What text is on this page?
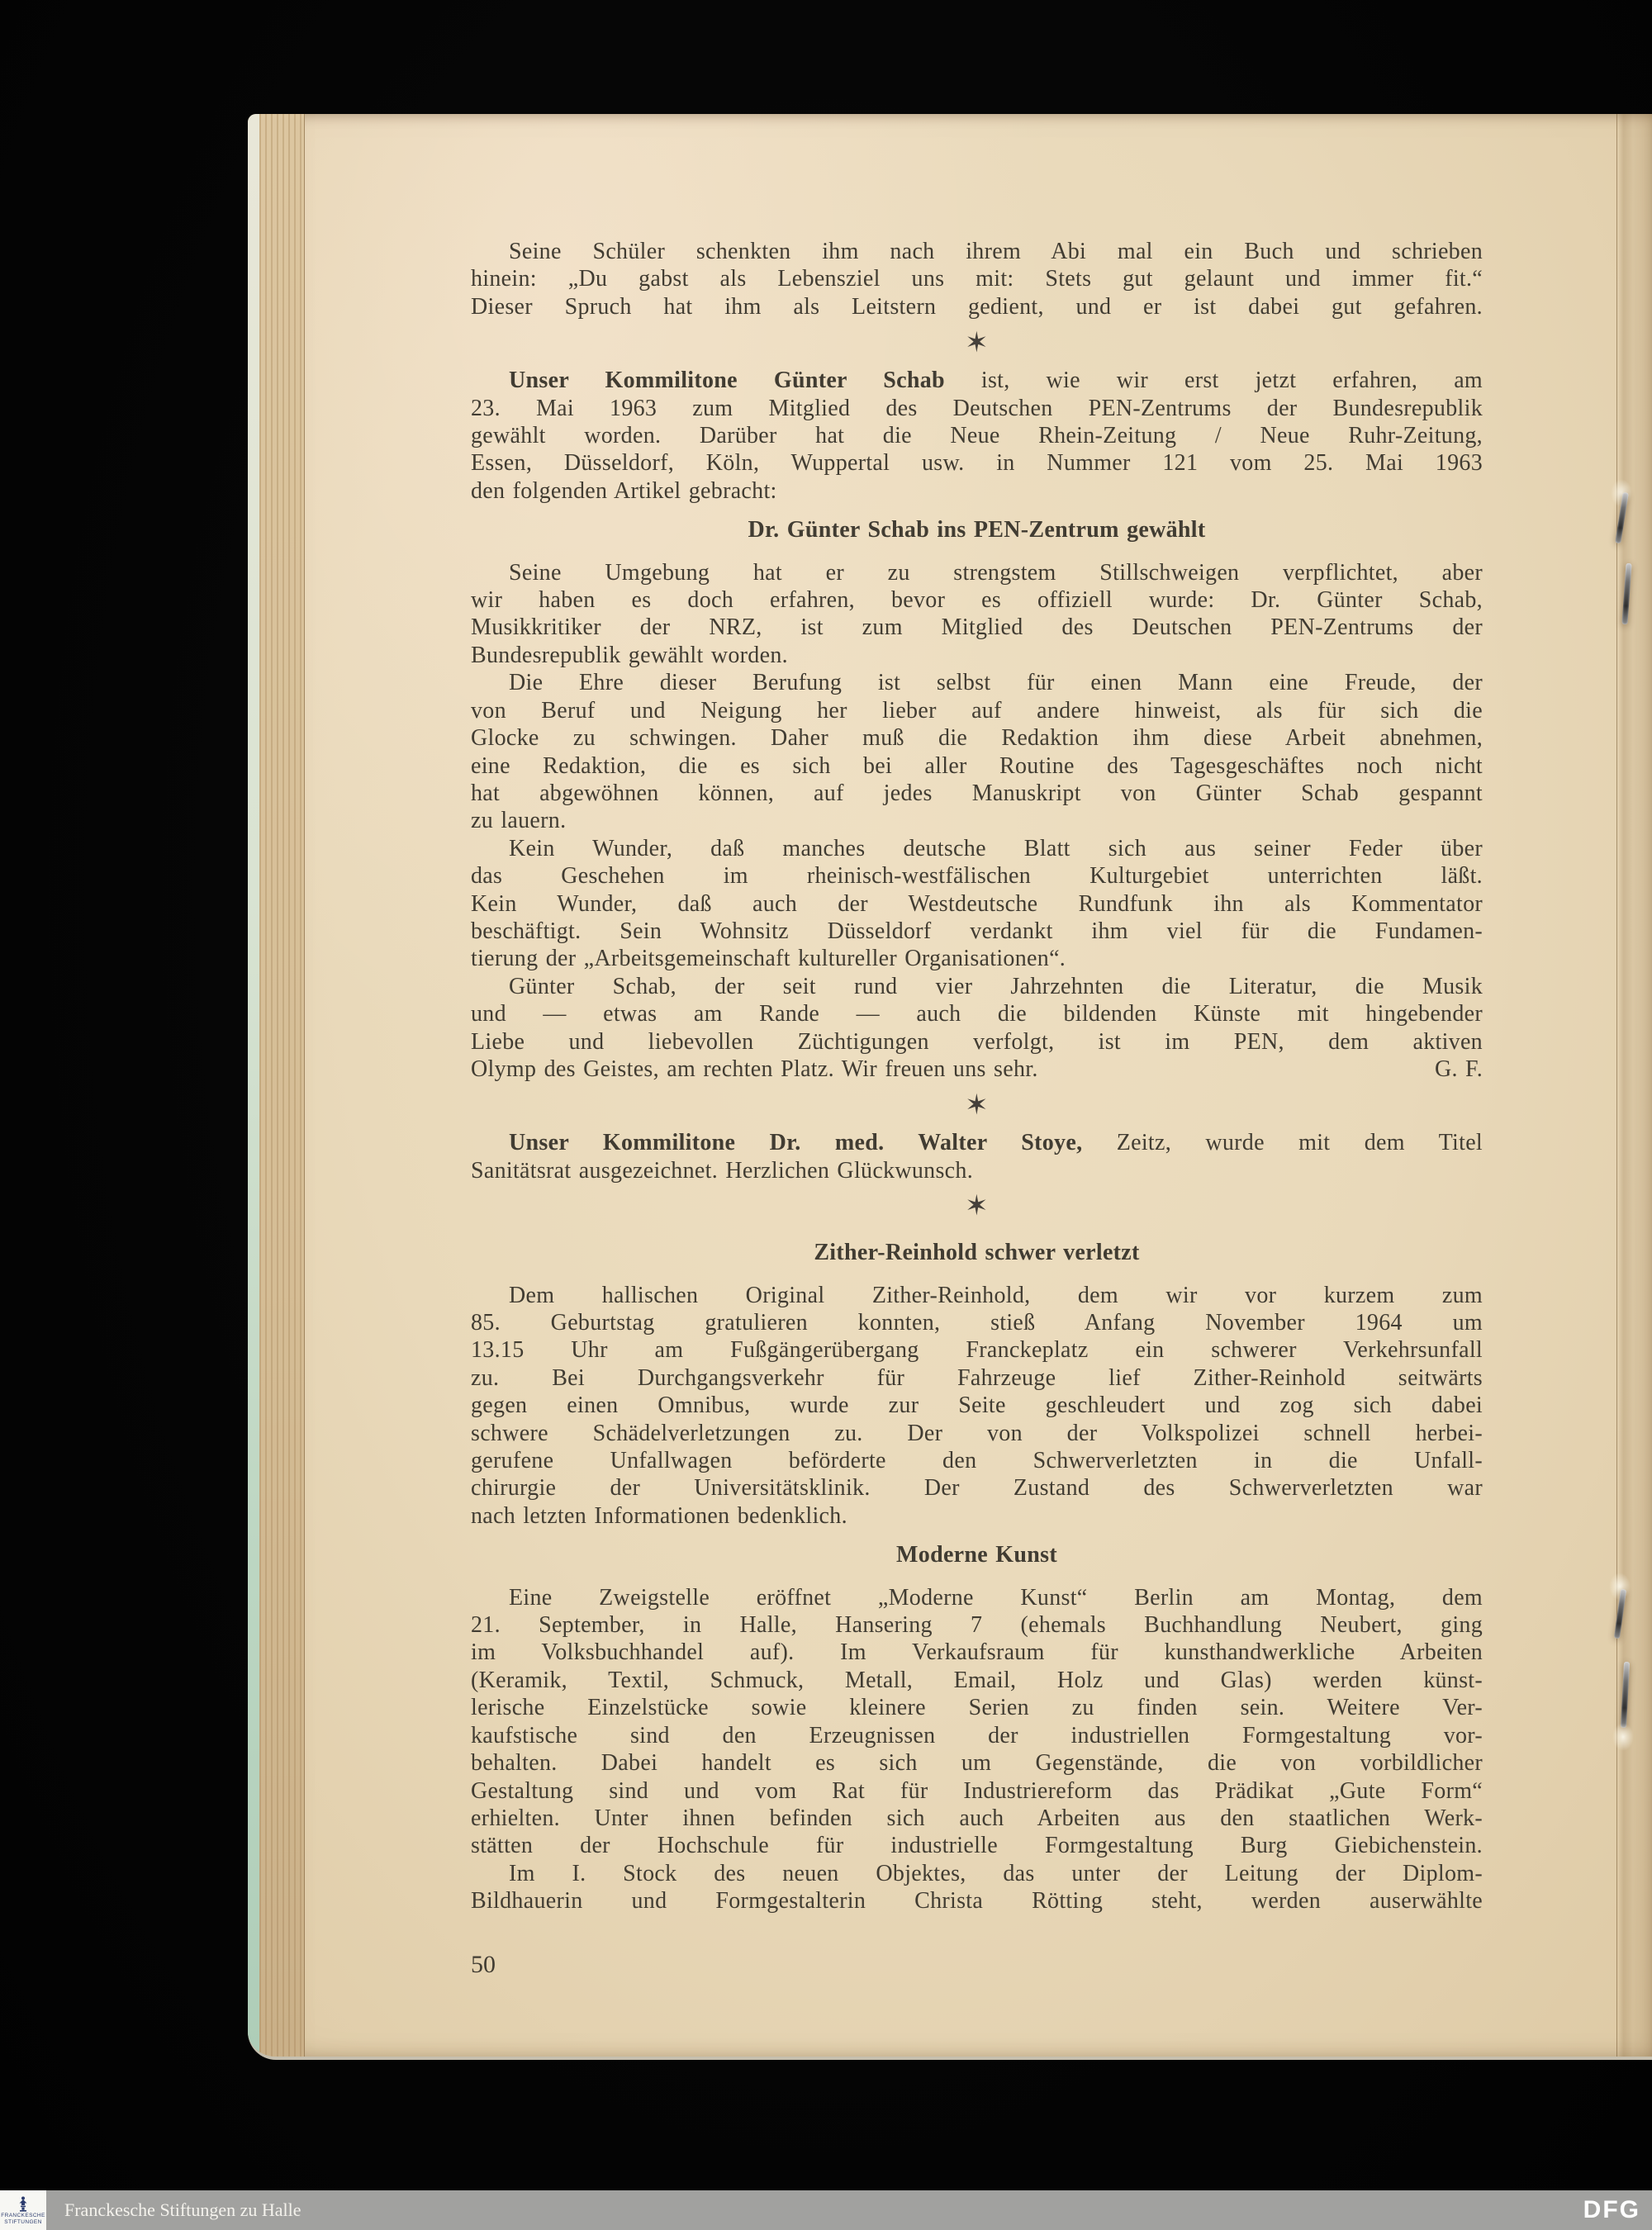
Seine Schüler schenkten ihm nach ihrem Abi mal ein Buch und schrieben
hinein: „Du gabst als Lebensziel uns mit: Stets gut gelaunt und immer fit.“
Dieser Spruch hat ihm als Leitstern gedient, und er ist dabei gut gefahren.
✶
Unser Kommilitone Günter Schab ist, wie wir erst jetzt erfahren, am
23. Mai 1963 zum Mitglied des Deutschen PEN-Zentrums der Bundesrepublik
gewählt worden. Darüber hat die Neue Rhein-Zeitung / Neue Ruhr-Zeitung,
Essen, Düsseldorf, Köln, Wuppertal usw. in Nummer 121 vom 25. Mai 1963
den folgenden Artikel gebracht:
Dr. Günter Schab ins PEN-Zentrum gewählt
Seine Umgebung hat er zu strengstem Stillschweigen verpflichtet, aber
wir haben es doch erfahren, bevor es offiziell wurde: Dr. Günter Schab,
Musikkritiker der NRZ, ist zum Mitglied des Deutschen PEN-Zentrums der
Bundesrepublik gewählt worden.
Die Ehre dieser Berufung ist selbst für einen Mann eine Freude, der
von Beruf und Neigung her lieber auf andere hinweist, als für sich die
Glocke zu schwingen. Daher muß die Redaktion ihm diese Arbeit abnehmen,
eine Redaktion, die es sich bei aller Routine des Tagesgeschäftes noch nicht
hat abgewöhnen können, auf jedes Manuskript von Günter Schab gespannt
zu lauern.
Kein Wunder, daß manches deutsche Blatt sich aus seiner Feder über
das Geschehen im rheinisch-westfälischen Kulturgebiet unterrichten läßt.
Kein Wunder, daß auch der Westdeutsche Rundfunk ihn als Kommentator
beschäftigt. Sein Wohnsitz Düsseldorf verdankt ihm viel für die Fundamen-
tierung der „Arbeitsgemeinschaft kultureller Organisationen“.
Günter Schab, der seit rund vier Jahrzehnten die Literatur, die Musik
und — etwas am Rande — auch die bildenden Künste mit hingebender
Liebe und liebevollen Züchtigungen verfolgt, ist im PEN, dem aktiven
Olymp des Geistes, am rechten Platz. Wir freuen uns sehr.	G. F.
✶
Unser Kommilitone Dr. med. Walter Stoye, Zeitz, wurde mit dem Titel
Sanitätsrat ausgezeichnet. Herzlichen Glückwunsch.
✶
Zither-Reinhold schwer verletzt
Dem hallischen Original Zither-Reinhold, dem wir vor kurzem zum
85. Geburtstag gratulieren konnten, stieß Anfang November 1964 um
13.15 Uhr am Fußgängerübergang Franckeplatz ein schwerer Verkehrsunfall
zu. Bei Durchgangsverkehr für Fahrzeuge lief Zither-Reinhold seitwärts
gegen einen Omnibus, wurde zur Seite geschleudert und zog sich dabei
schwere Schädelverletzungen zu. Der von der Volkspolizei schnell herbei-
gerufene Unfallwagen beförderte den Schwerverletzten in die Unfall-
chirurgie der Universitätsklinik. Der Zustand des Schwerverletzten war
nach letzten Informationen bedenklich.
Moderne Kunst
Eine Zweigstelle eröffnet „Moderne Kunst“ Berlin am Montag, dem
21. September, in Halle, Hansering 7 (ehemals Buchhandlung Neubert, ging
im Volksbuchhandel auf). Im Verkaufsraum für kunsthandwerkliche Arbeiten
(Keramik, Textil, Schmuck, Metall, Email, Holz und Glas) werden künst-
lerische Einzelstücke sowie kleinere Serien zu finden sein. Weitere Ver-
kaufstische sind den Erzeugnissen der industriellen Formgestaltung vor-
behalten. Dabei handelt es sich um Gegenstände, die von vorbildlicher
Gestaltung sind und vom Rat für Industriereform das Prädikat „Gute Form“
erhielten. Unter ihnen befinden sich auch Arbeiten aus den staatlichen Werk-
stätten der Hochschule für industrielle Formgestaltung Burg Giebichenstein.
Im I. Stock des neuen Objektes, das unter der Leitung der Diplom-
Bildhauerin und Formgestalterin Christa Rötting steht, werden auserwählte
50
FRANCKESCHE
STIFTUNGEN
Franckesche Stiftungen zu Halle	DFG
